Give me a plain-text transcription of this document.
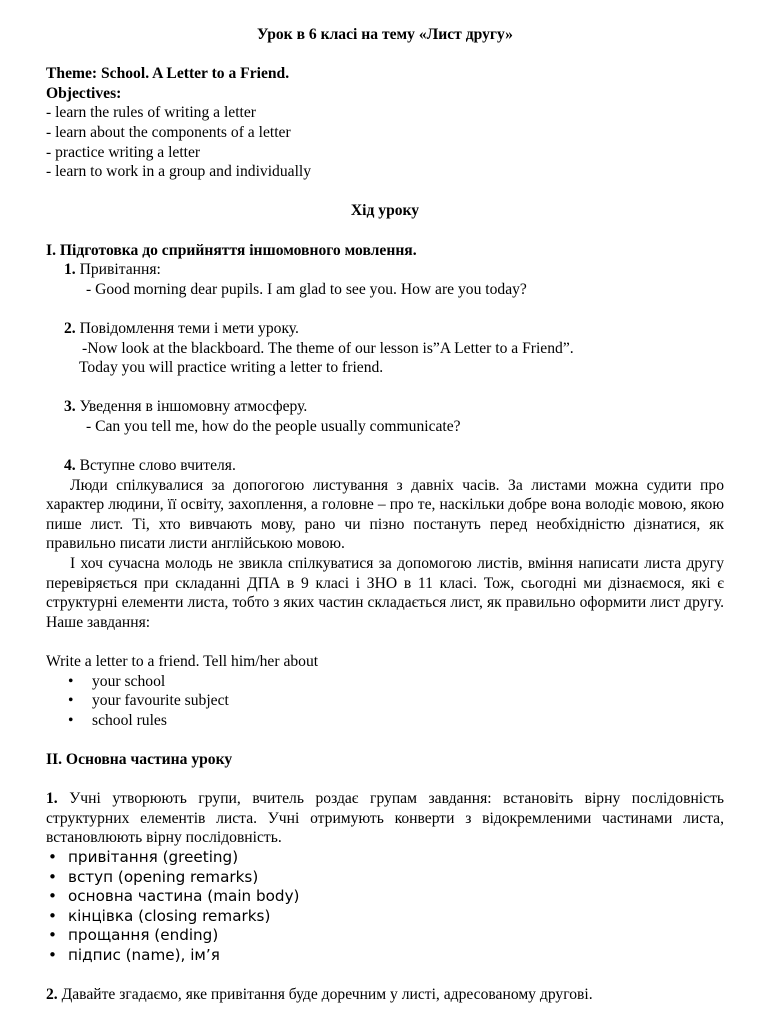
Урок в 6 класі на тему «Лист другу»

Theme: School. A Letter to a Friend.

Objectives:

- learn the rules of writing a letter

- learn about the components of a letter

- practice writing a letter

- learn to work in a group and individually

Хід уроку

I. Підготовка до сприйняття іншомовного мовлення.

1. Привітання:

- Good morning dear pupils. I am glad to see you. How are you today?

2. Повідомлення теми і мети уроку.

-Now look at the blackboard. The theme of our lesson is”A Letter to a Friend”.

Today you will practice writing a letter to friend.

3. Уведення в іншомовну атмосферу.

- Can you tell me, how do the people usually communicate?

4. Вступне слово вчителя.

Люди спілкувалися за допогогою листування з давніх часів. За листами можна судити про характер людини, її освіту, захоплення, а головне – про те, наскільки добре вона володіє мовою, якою пише лист. Ті, хто вивчають мову, рано чи пізно постануть перед необхідністю дізнатися, як правильно писати листи англійською мовою.

І хоч сучасна молодь не звикла спілкуватися за допомогою листів, вміння написати листа другу перевіряється при складанні ДПА в 9 класі і ЗНО в 11 класі. Тож, сьогодні ми дізнаємося, які є структурні елементи листа, тобто з яких частин складається лист, як правильно оформити лист другу. Наше завдання:

Write a letter to a friend. Tell him/her about

• your school
• your favourite subject
• school rules

II. Основна частина уроку

1. Учні утворюють групи, вчитель роздає групам завдання: встановіть вірну послідовність структурних елементів листа. Учні отримують конверти з відокремленими частинами листа, встановлюють вірну послідовність.

• привітання (greeting)
• вступ (opening remarks)
• основна частина (main body)
• кінцівка (closing remarks)
• прощання (ending)
• підпис (name), ім’я

2. Давайте згадаємо, яке привітання буде доречним у листі, адресованому другові.
